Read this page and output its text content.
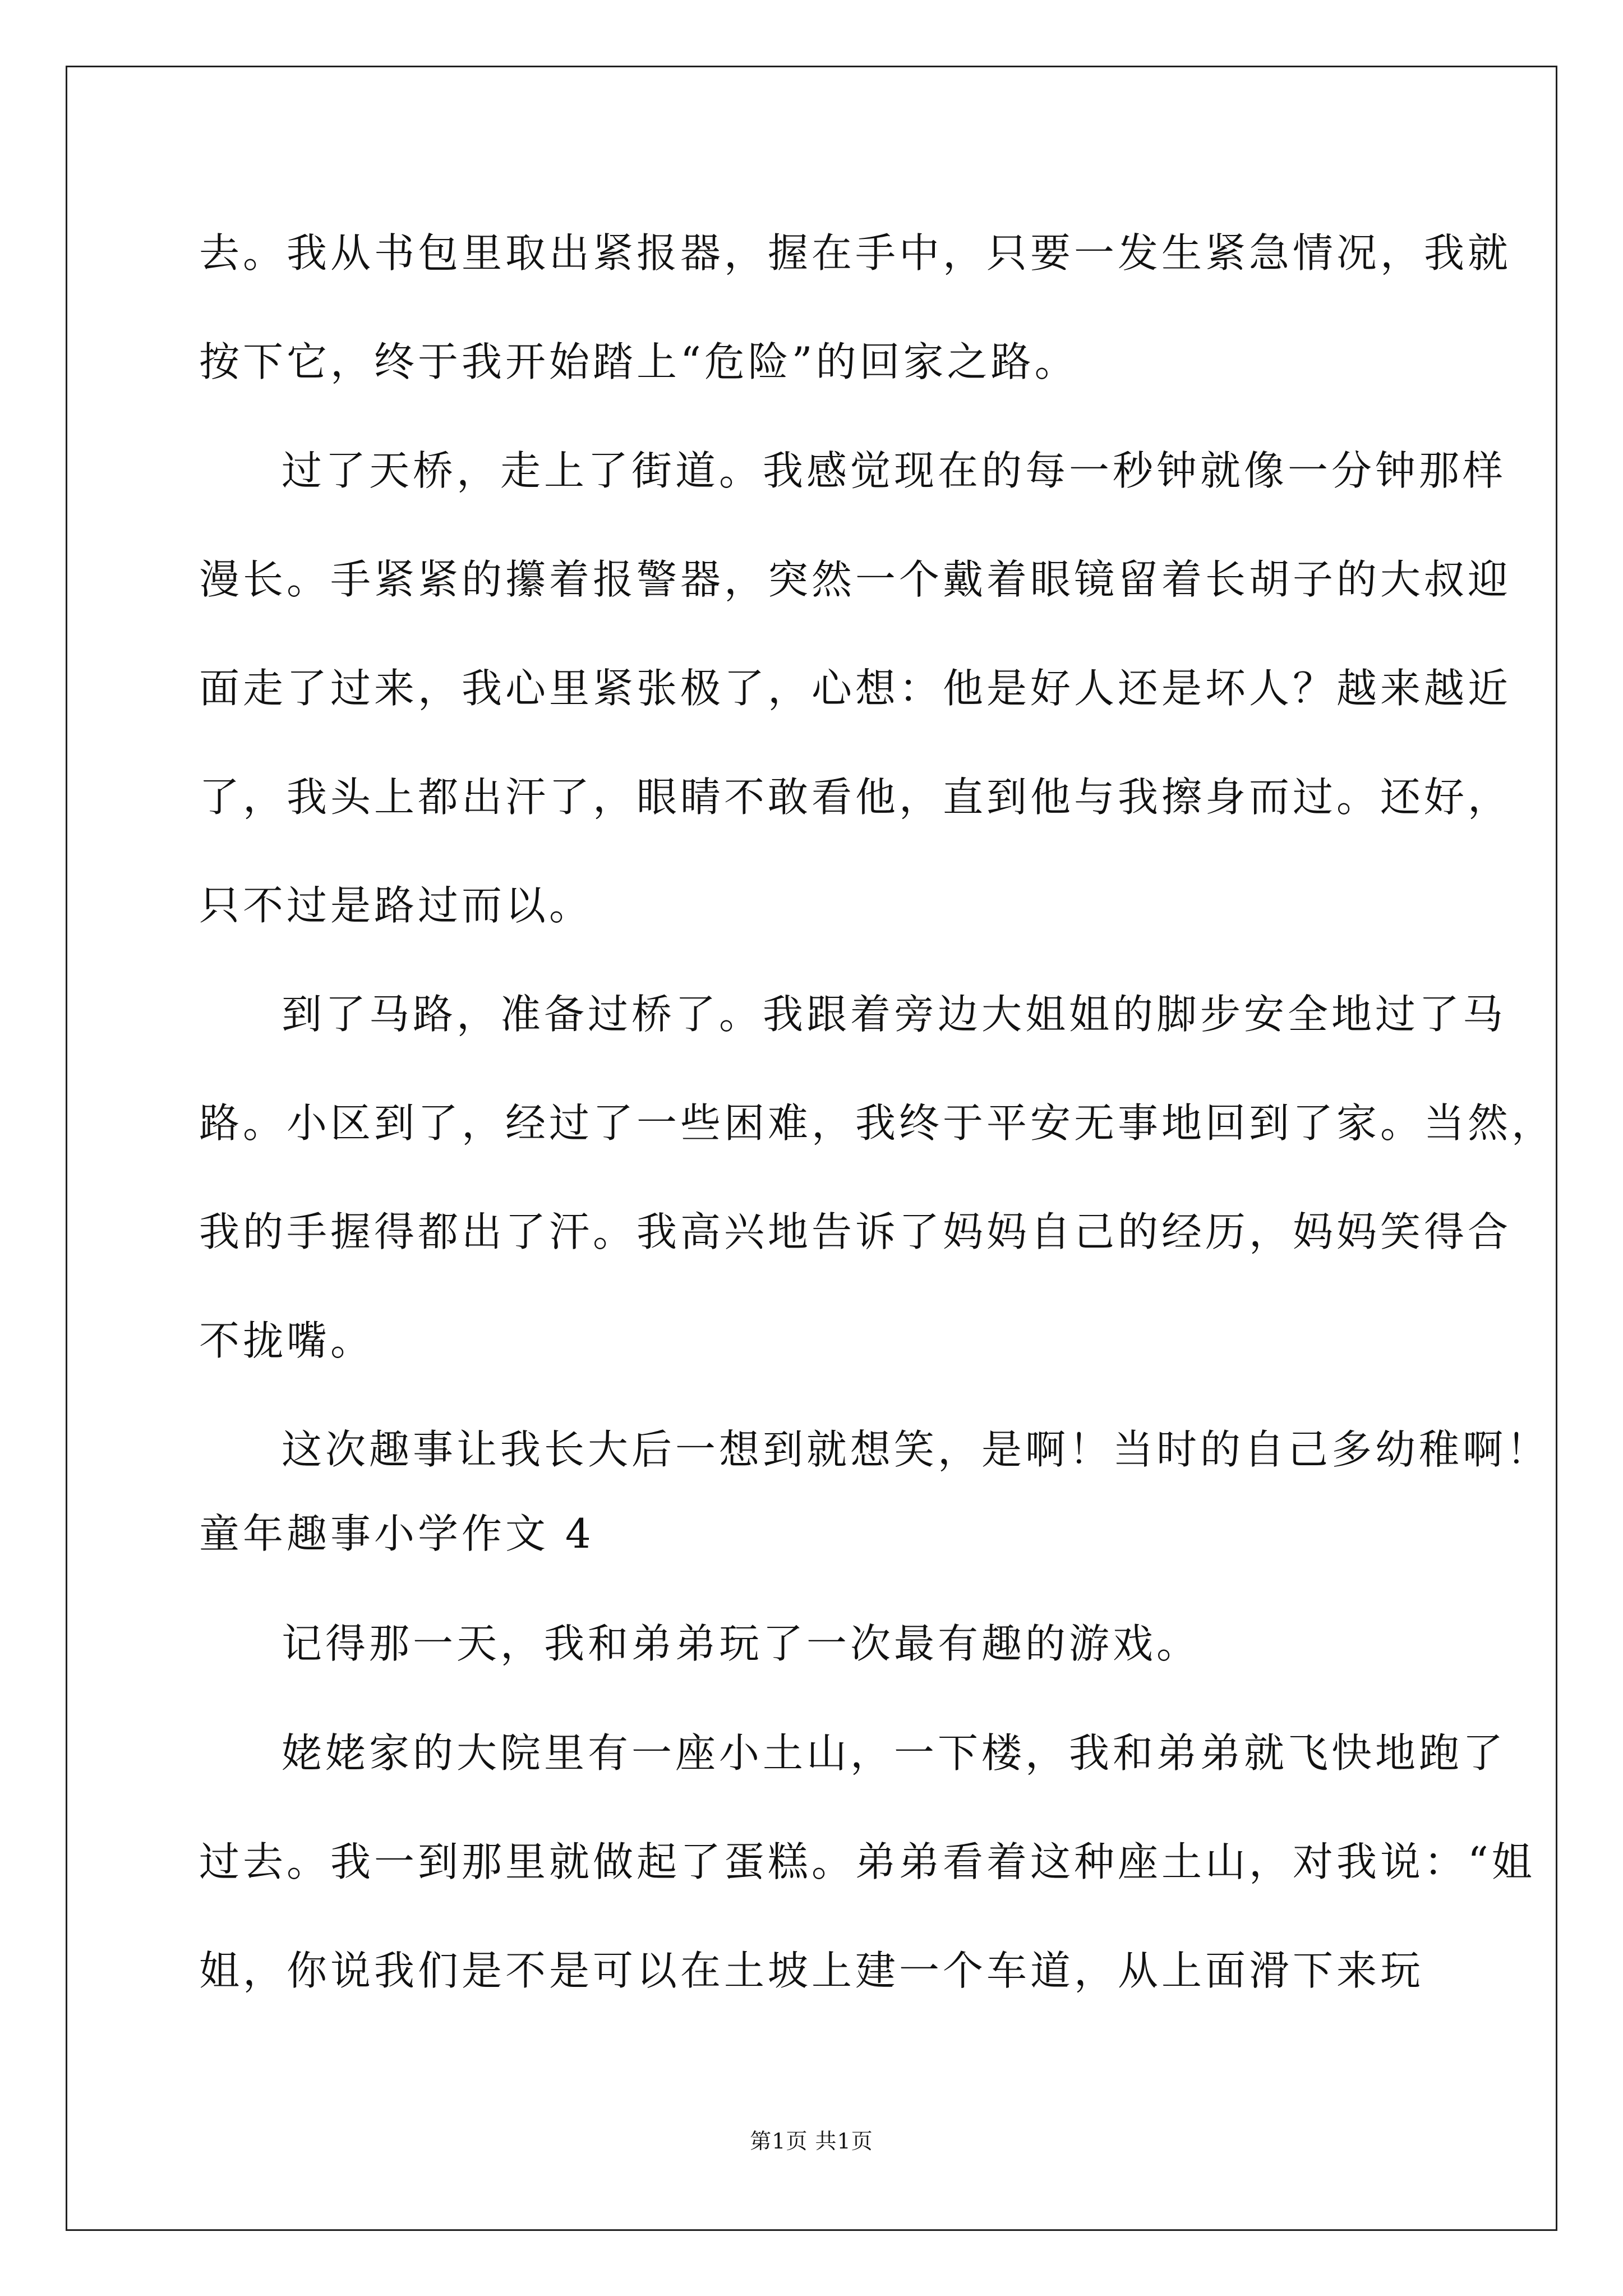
去。我从书包里取出紧报器，握在手中，只要一发生紧急情况，我就
按下它，终于我开始踏上“危险”的回家之路。
过了天桥，走上了街道。我感觉现在的每一秒钟就像一分钟那样
漫长。手紧紧的攥着报警器，突然一个戴着眼镜留着长胡子的大叔迎
面走了过来，我心里紧张极了，心想：他是好人还是坏人？越来越近
了，我头上都出汗了，眼睛不敢看他，直到他与我擦身而过。还好，
只不过是路过而以。
到了马路，准备过桥了。我跟着旁边大姐姐的脚步安全地过了马
路。小区到了，经过了一些困难，我终于平安无事地回到了家。当然，
我的手握得都出了汗。我高兴地告诉了妈妈自己的经历，妈妈笑得合
不拢嘴。
这次趣事让我长大后一想到就想笑，是啊！当时的自己多幼稚啊！
童年趣事小学作文 4
记得那一天，我和弟弟玩了一次最有趣的游戏。
姥姥家的大院里有一座小土山，一下楼，我和弟弟就飞快地跑了
过去。我一到那里就做起了蛋糕。弟弟看着这种座土山，对我说：“姐
姐，你说我们是不是可以在土坡上建一个车道，从上面滑下来玩
第1页 共1页
